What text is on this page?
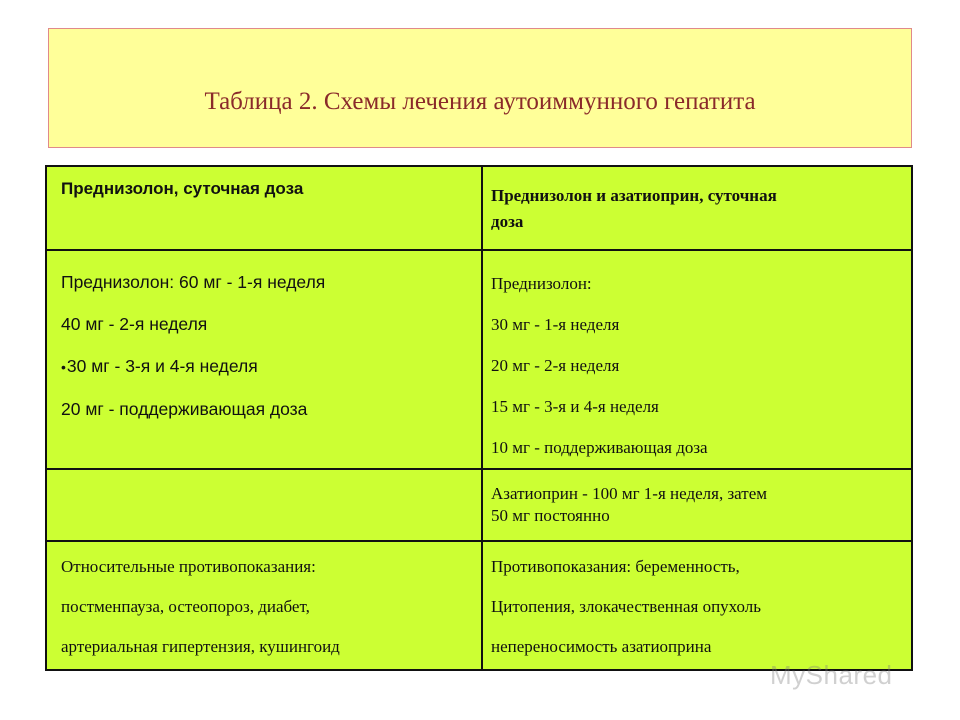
Таблица 2. Схемы лечения аутоиммунного гепатита
Преднизолон, суточная доза	Преднизолон и азатиоприн, суточная
доза
Преднизолон: 60 мг - 1-я неделя
40 мг - 2-я неделя
•30 мг - 3-я и 4-я неделя
20 мг - поддерживающая доза
Преднизолон:
30 мг - 1-я неделя
20 мг - 2-я неделя
15 мг - 3-я и 4-я неделя
10 мг - поддерживающая доза
Азатиоприн - 100 мг 1-я неделя, затем
50 мг постоянно
Относительные противопоказания:
постменпауза, остеопороз, диабет,
артериальная гипертензия, кушингоид
Противопоказания: беременность,
Цитопения, злокачественная опухоль
непереносимость азатиоприна
MyShared
